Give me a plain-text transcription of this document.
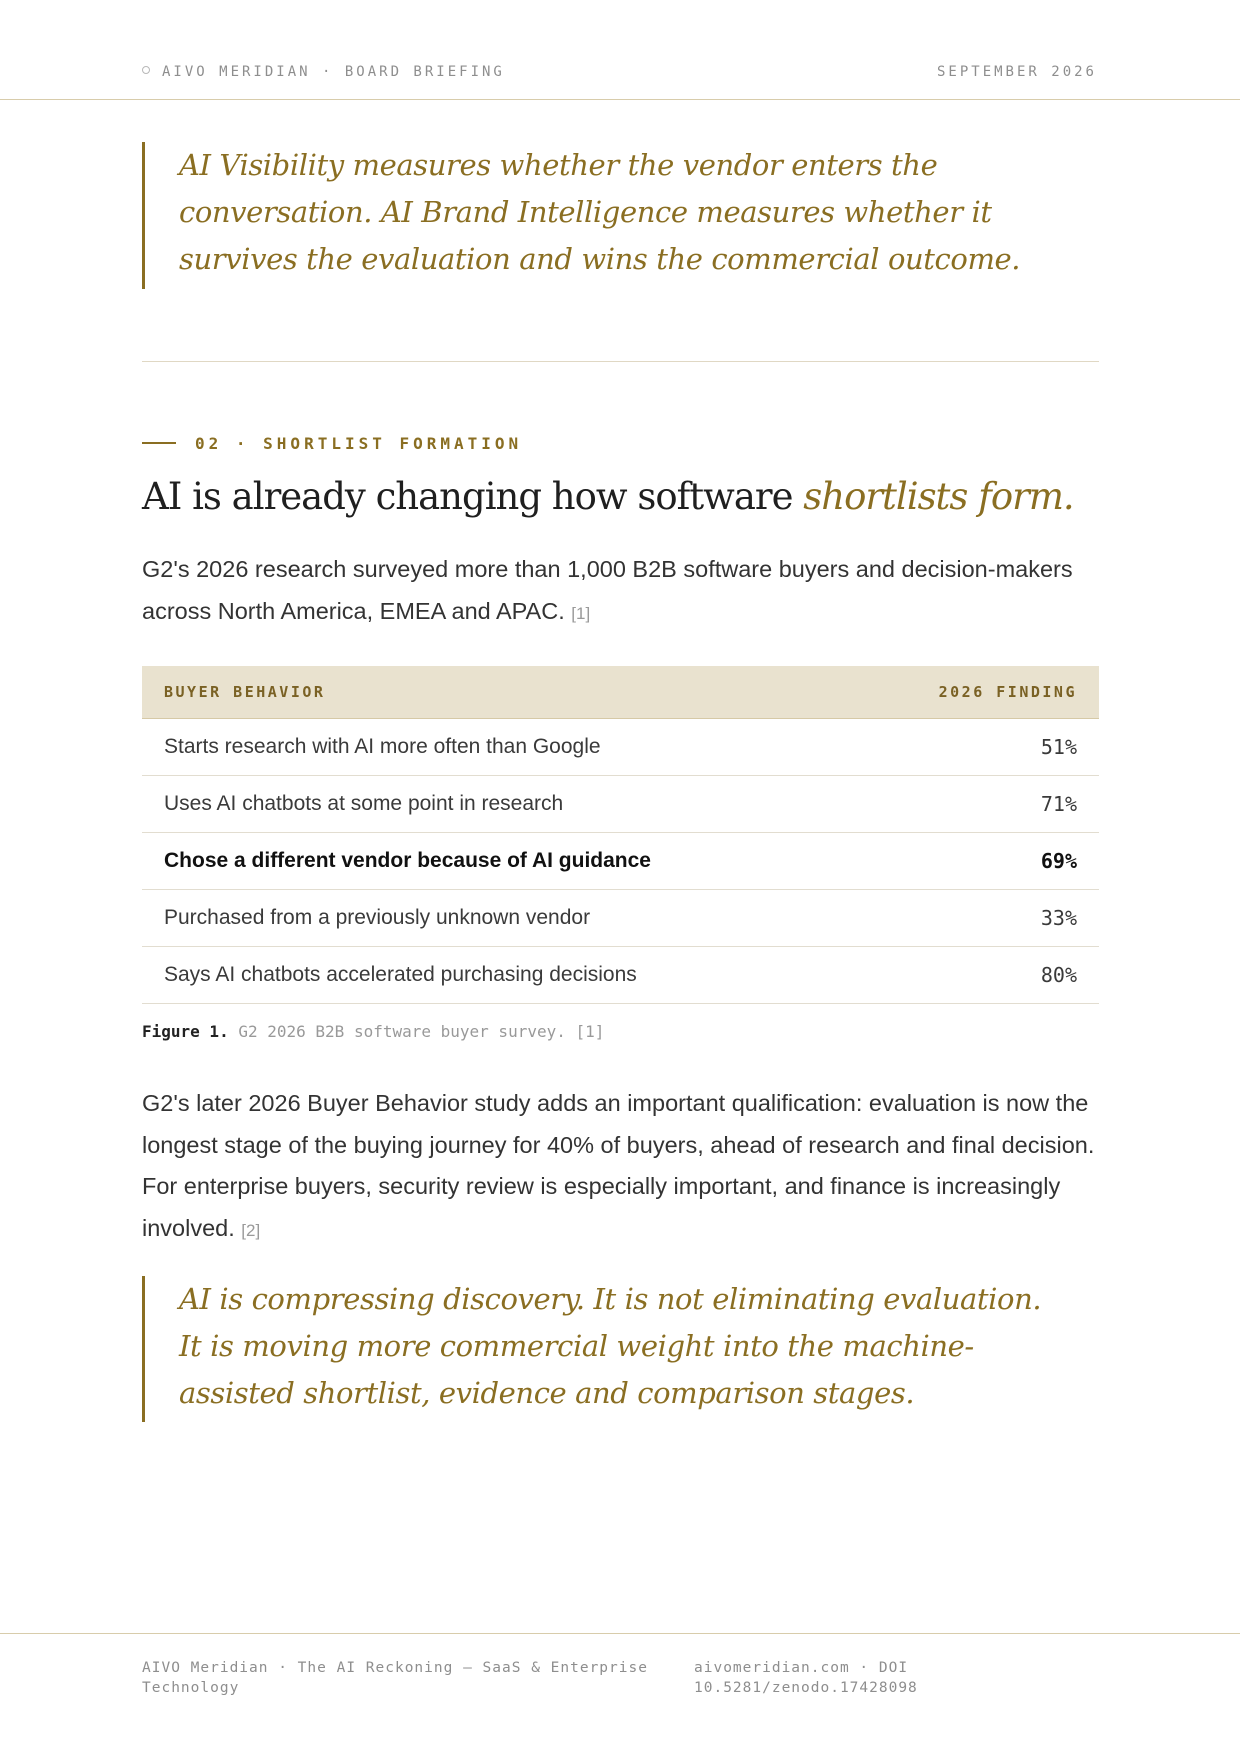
AIVO MERIDIAN · BOARD BRIEFING	SEPTEMBER 2026

AI Visibility measures whether the vendor enters the conversation. AI Brand Intelligence measures whether it survives the evaluation and wins the commercial outcome.

02 · SHORTLIST FORMATION
AI is already changing how software shortlists form.

G2's 2026 research surveyed more than 1,000 B2B software buyers and decision-makers across North America, EMEA and APAC. [1]

BUYER BEHAVIOR	2026 FINDING
Starts research with AI more often than Google	51%
Uses AI chatbots at some point in research	71%
Chose a different vendor because of AI guidance	69%
Purchased from a previously unknown vendor	33%
Says AI chatbots accelerated purchasing decisions	80%
Figure 1. G2 2026 B2B software buyer survey. [1]

G2's later 2026 Buyer Behavior study adds an important qualification: evaluation is now the longest stage of the buying journey for 40% of buyers, ahead of research and final decision. For enterprise buyers, security review is especially important, and finance is increasingly involved. [2]

AI is compressing discovery. It is not eliminating evaluation. It is moving more commercial weight into the machine-assisted shortlist, evidence and comparison stages.

AIVO Meridian · The AI Reckoning — SaaS & Enterprise Technology
aivomeridian.com · DOI 10.5281/zenodo.17428098
